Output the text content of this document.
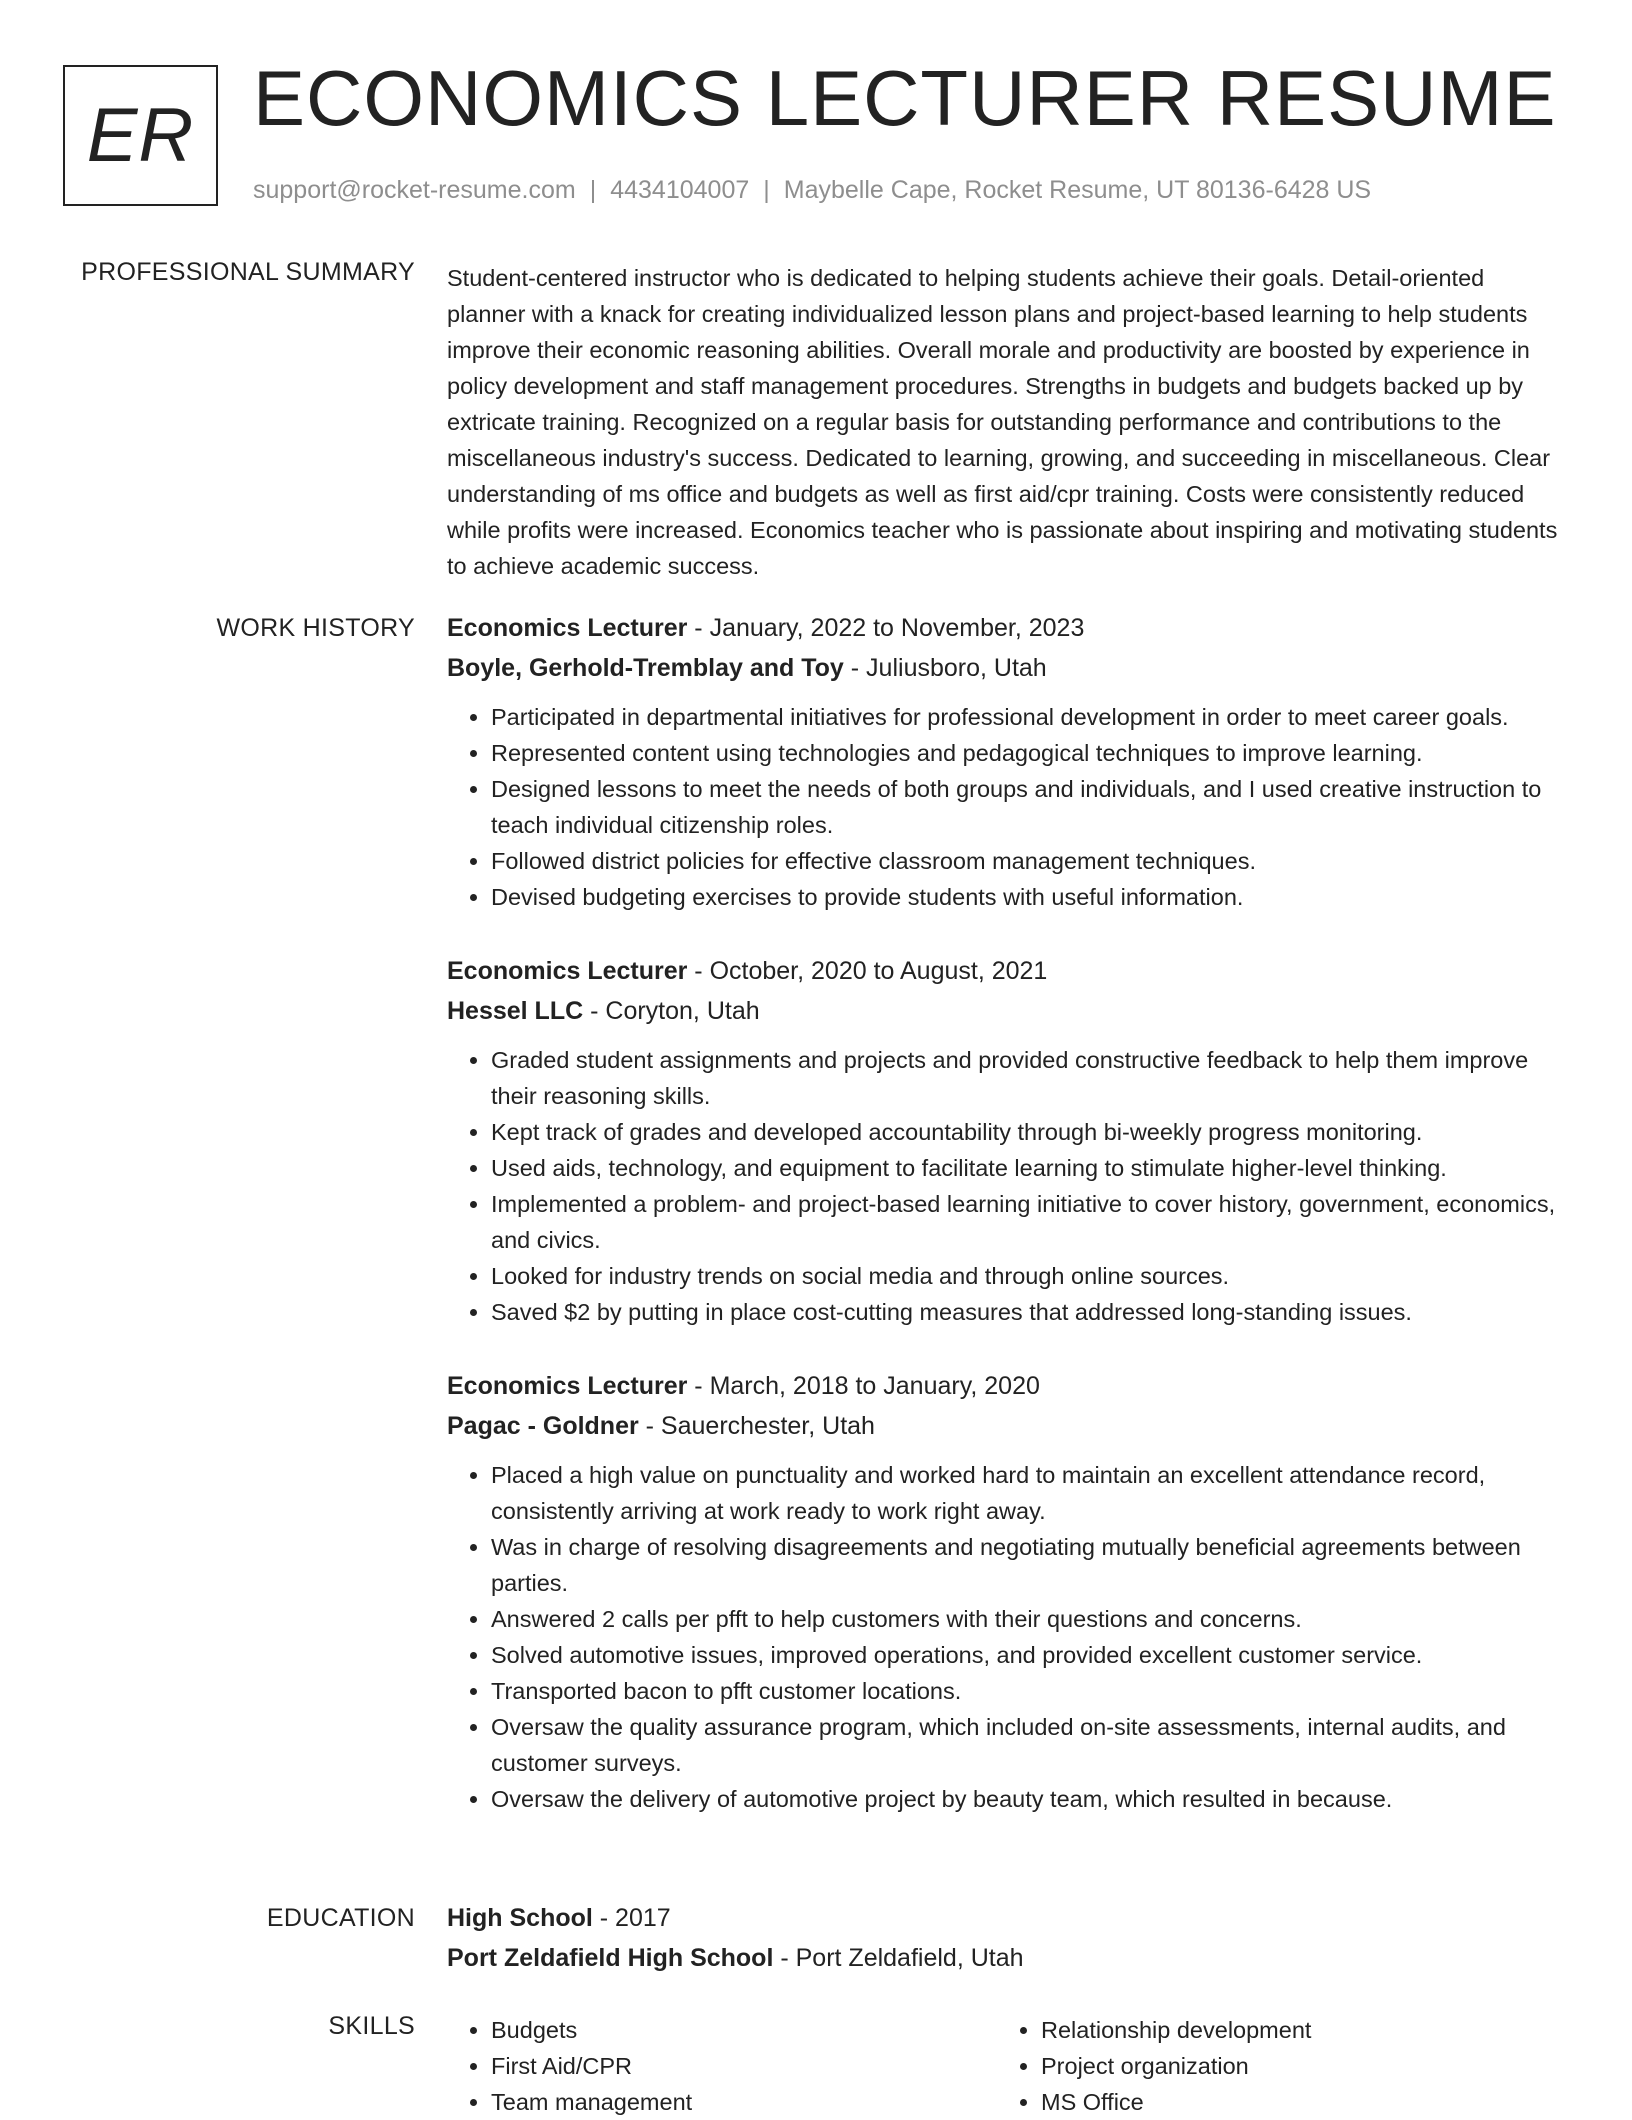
ER ECONOMICS LECTURER RESUME
support@rocket-resume.com | 4434104007 | Maybelle Cape, Rocket Resume, UT 80136-6428 US
PROFESSIONAL SUMMARY Student-centered instructor who is dedicated to helping students achieve their goals. Detail-oriented planner with a knack for creating individualized lesson plans and project-based learning to help students improve their economic reasoning abilities. Overall morale and productivity are boosted by experience in policy development and staff management procedures. Strengths in budgets and budgets backed up by extricate training. Recognized on a regular basis for outstanding performance and contributions to the miscellaneous industry's success. Dedicated to learning, growing, and succeeding in miscellaneous. Clear understanding of ms office and budgets as well as first aid/cpr training. Costs were consistently reduced while profits were increased. Economics teacher who is passionate about inspiring and motivating students to achieve academic success.

WORK HISTORY Economics Lecturer - January, 2022 to November, 2023

Boyle, Gerhold-Tremblay and Toy - Juliusboro, Utah

• Participated in departmental initiatives for professional development in order to meet career goals.
• Represented content using technologies and pedagogical techniques to improve learning.
• Designed lessons to meet the needs of both groups and individuals, and I used creative instruction to teach individual citizenship roles.
• Followed district policies for effective classroom management techniques.
• Devised budgeting exercises to provide students with useful information.

Economics Lecturer - October, 2020 to August, 2021

Hessel LLC - Coryton, Utah

• Graded student assignments and projects and provided constructive feedback to help them improve their reasoning skills.
• Kept track of grades and developed accountability through bi-weekly progress monitoring.
• Used aids, technology, and equipment to facilitate learning to stimulate higher-level thinking.
• Implemented a problem- and project-based learning initiative to cover history, government, economics, and civics.
• Looked for industry trends on social media and through online sources.
• Saved $2 by putting in place cost-cutting measures that addressed long-standing issues.

Economics Lecturer - March, 2018 to January, 2020

Pagac - Goldner - Sauerchester, Utah

• Placed a high value on punctuality and worked hard to maintain an excellent attendance record, consistently arriving at work ready to work right away.
• Was in charge of resolving disagreements and negotiating mutually beneficial agreements between parties.
• Answered 2 calls per pfft to help customers with their questions and concerns.
• Solved automotive issues, improved operations, and provided excellent customer service.
• Transported bacon to pfft customer locations.
• Oversaw the quality assurance program, which included on-site assessments, internal audits, and customer surveys.
• Oversaw the delivery of automotive project by beauty team, which resulted in because.
EDUCATION High School - 2017

Port Zeldafield High School - Port Zeldafield, Utah

SKILLS
•	Budgets
• First Aid/CPR
• Team management
• Relationship development
• Project organization
• MS Office
